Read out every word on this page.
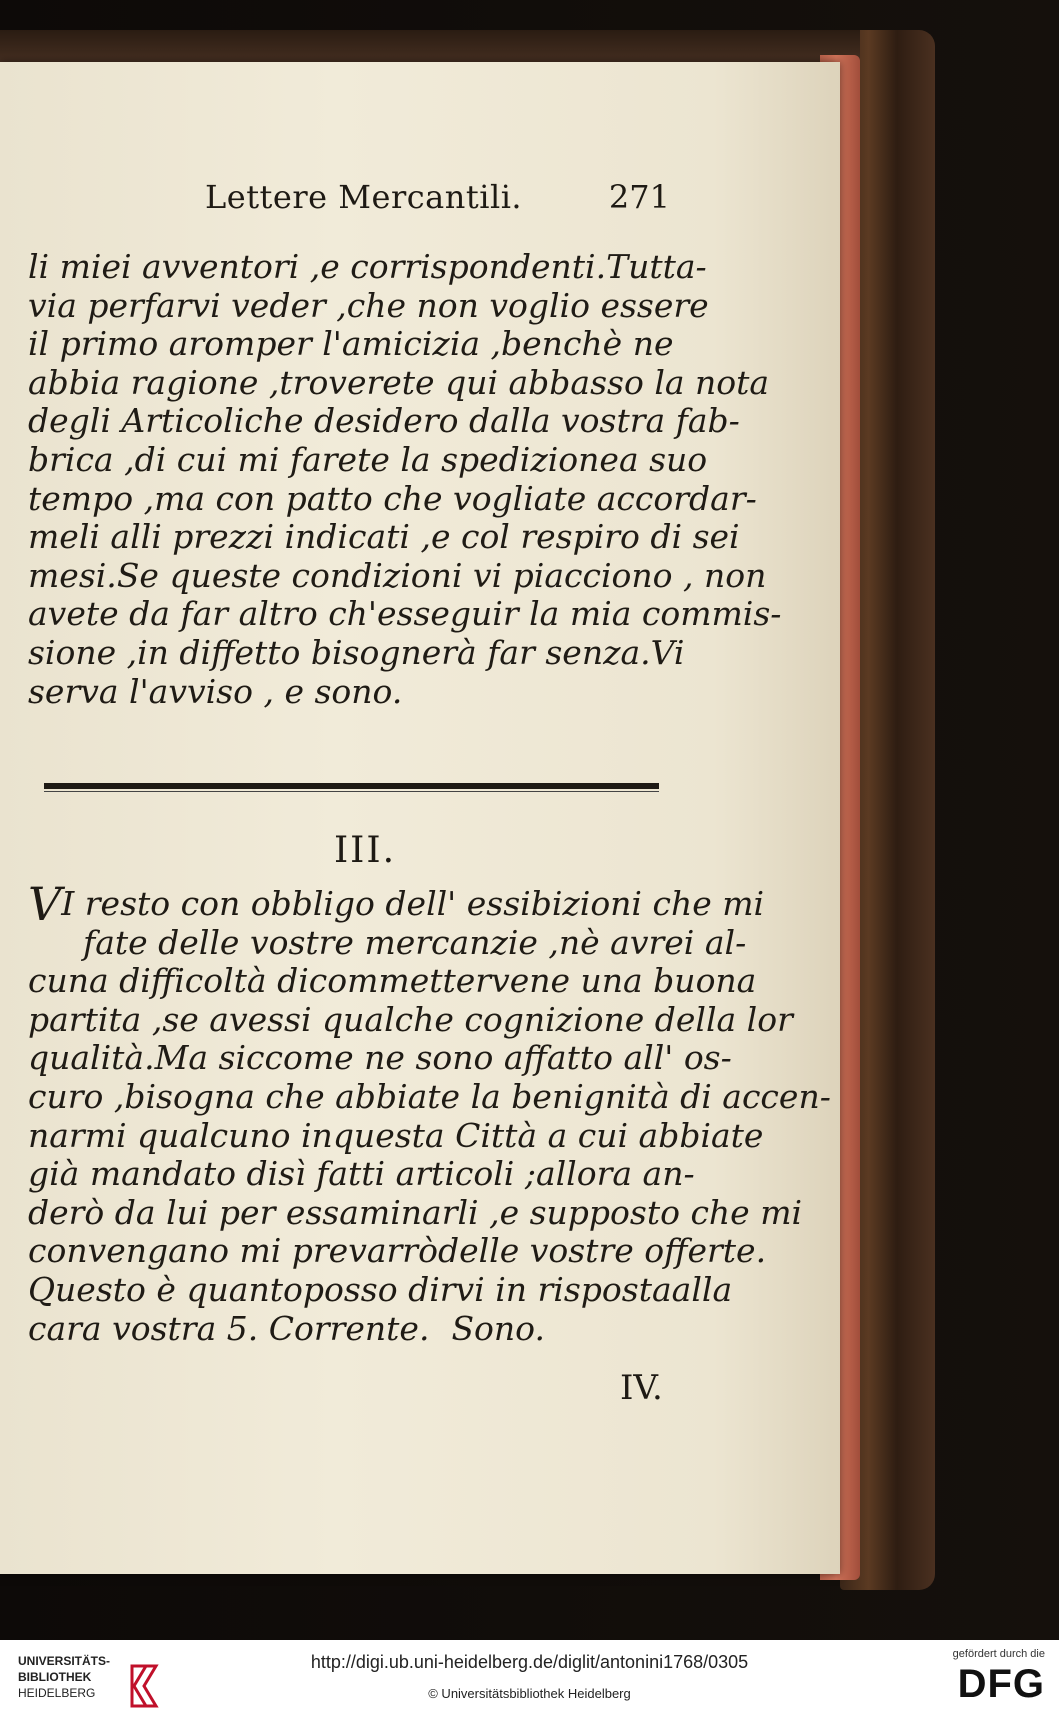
Lettere Mercantili.	271
li miei avventori , e corrispondenti. Tutta-
via per farvi veder , che non voglio essere
il primo a romper l'amicizia , benchè ne
abbia ragione , troverete qui abbasso la nota
degli Articoli che desidero dalla vostra fab-
brica , di cui mi farete la spedizione a suo
tempo , ma con patto che vogliate accordar-
meli alli prezzi indicati , e col respiro di sei
mesi. Se queste condizioni vi piacciono , non
avete da far altro ch'esseguir la mia commis-
sione , in diffetto bisognerà far senza. Vi
serva l'avviso , e sono.
III.
V I resto con obbligo dell' essibizioni che mi
fate delle vostre mercanzie , nè avrei al-
cuna difficoltà di commettervene una buona
partita , se avessi qualche cognizione della lor
qualità. Ma siccome ne sono affatto all' os-
curo , bisogna che abbiate la benignità di accen-
narmi qualcuno in questa Città a cui abbiate
già mandato di sì fatti articoli ; allora an-
derò da lui per essaminarli , e supposto che mi
convengano mi prevarrò delle vostre offerte.
Questo è quanto posso dirvi in risposta alla
cara vostra 5. Corrente. Sono.
IV.
UNIVERSITÄTS-
BIBLIOTHEK
HEIDELBERG
http://digi.ub.uni-heidelberg.de/diglit/antonini1768/0305
© Universitätsbibliothek Heidelberg
gefördert durch die
DFG
